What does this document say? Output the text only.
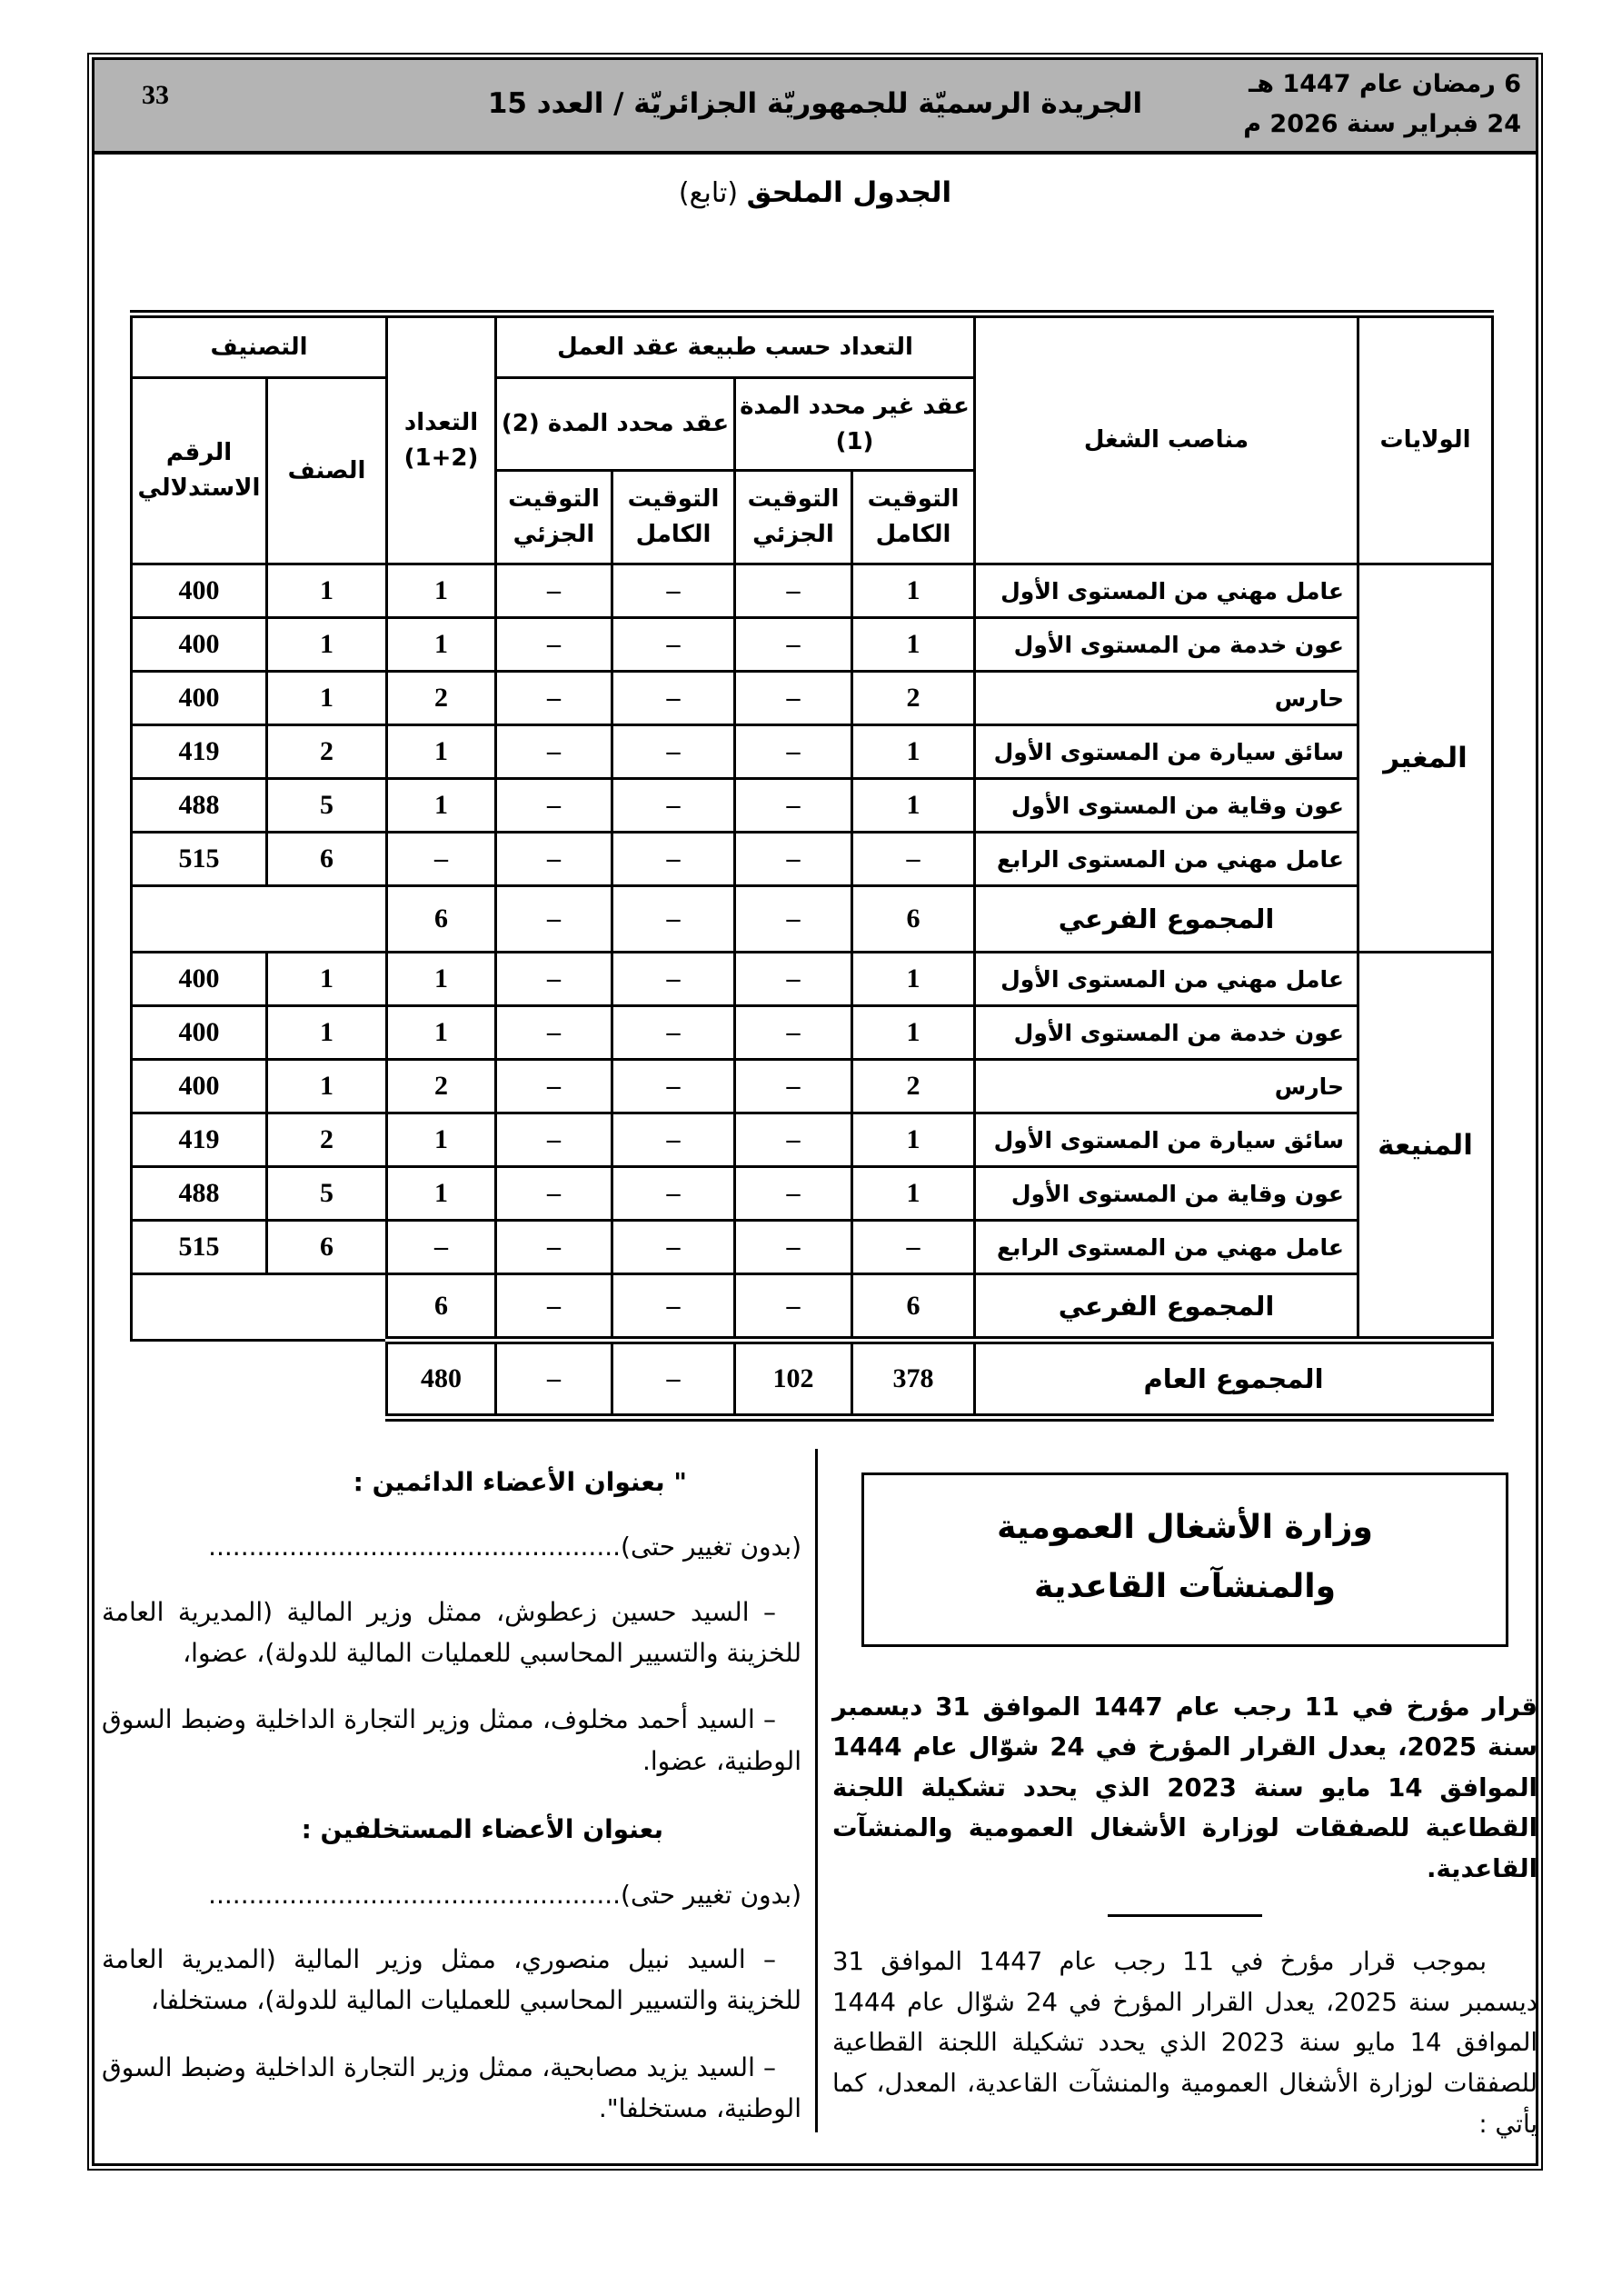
6 رمضان عام 1447 هـ
24 فبراير سنة 2026 م
الجريدة الرسميّة للجمهوريّة الجزائريّة / العدد 15
33
الجدول الملحق (تابع)
الولايات	مناصب الشغل	التعداد حسب طبيعة عقد العمل				التعداد (2+1)	التصنيف	
		عقد غير محدد المدة (1)		عقد محدد المدة (2)			الصنف	الرقم الاستدلالي
		التوقيت الكامل	التوقيت الجزئي	التوقيت الكامل	التوقيت الجزئي			
المغير	عامل مهني من المستوى الأول	1	–	–	–	1	1	400
	عون خدمة من المستوى الأول	1	–	–	–	1	1	400
	حارس	2	–	–	–	2	1	400
	سائق سيارة من المستوى الأول	1	–	–	–	1	2	419
	عون وقاية من المستوى الأول	1	–	–	–	1	5	488
	عامل مهني من المستوى الرابع	–	–	–	–	–	6	515
	المجموع الفرعي	6	–	–	–	6		
المنيعة	عامل مهني من المستوى الأول	1	–	–	–	1	1	400
	عون خدمة من المستوى الأول	1	–	–	–	1	1	400
	حارس	2	–	–	–	2	1	400
	سائق سيارة من المستوى الأول	1	–	–	–	1	2	419
	عون وقاية من المستوى الأول	1	–	–	–	1	5	488
	عامل مهني من المستوى الرابع	–	–	–	–	–	6	515
	المجموع الفرعي	6	–	–	–	6		
المجموع العام		378	102	–	–	480		
" بعنوان الأعضاء الدائمين :
(بدون تغيير حتى)...................................................

– السيد حسين زعطوش، ممثل وزير المالية (المديرية العامة للخزينة والتسيير المحاسبي للعمليات المالية للدولة)، عضوا،

– السيد أحمد مخلوف، ممثل وزير التجارة الداخلية وضبط السوق الوطنية، عضوا.

بعنوان الأعضاء المستخلفين :
(بدون تغيير حتى)...................................................

– السيد نبيل منصوري، ممثل وزير المالية (المديرية العامة للخزينة والتسيير المحاسبي للعمليات المالية للدولة)، مستخلفا،

– السيد يزيد مصابحية، ممثل وزير التجارة الداخلية وضبط السوق الوطنية، مستخلفا".

وزارة الأشغال العمومية
والمنشآت القاعدية

قرار مؤرخ في 11 رجب عام 1447 الموافق 31 ديسمبر سنة 2025، يعدل القرار المؤرخ في 24 شوّال عام 1444 الموافق 14 مايو سنة 2023 الذي يحدد تشكيلة اللجنة القطاعية للصفقات لوزارة الأشغال العمومية والمنشآت القاعدية.

بموجب قرار مؤرخ في 11 رجب عام 1447 الموافق 31 ديسمبر سنة 2025، يعدل القرار المؤرخ في 24 شوّال عام 1444 الموافق 14 مايو سنة 2023 الذي يحدد تشكيلة اللجنة القطاعية للصفقات لوزارة الأشغال العمومية والمنشآت القاعدية، المعدل، كما يأتي :
